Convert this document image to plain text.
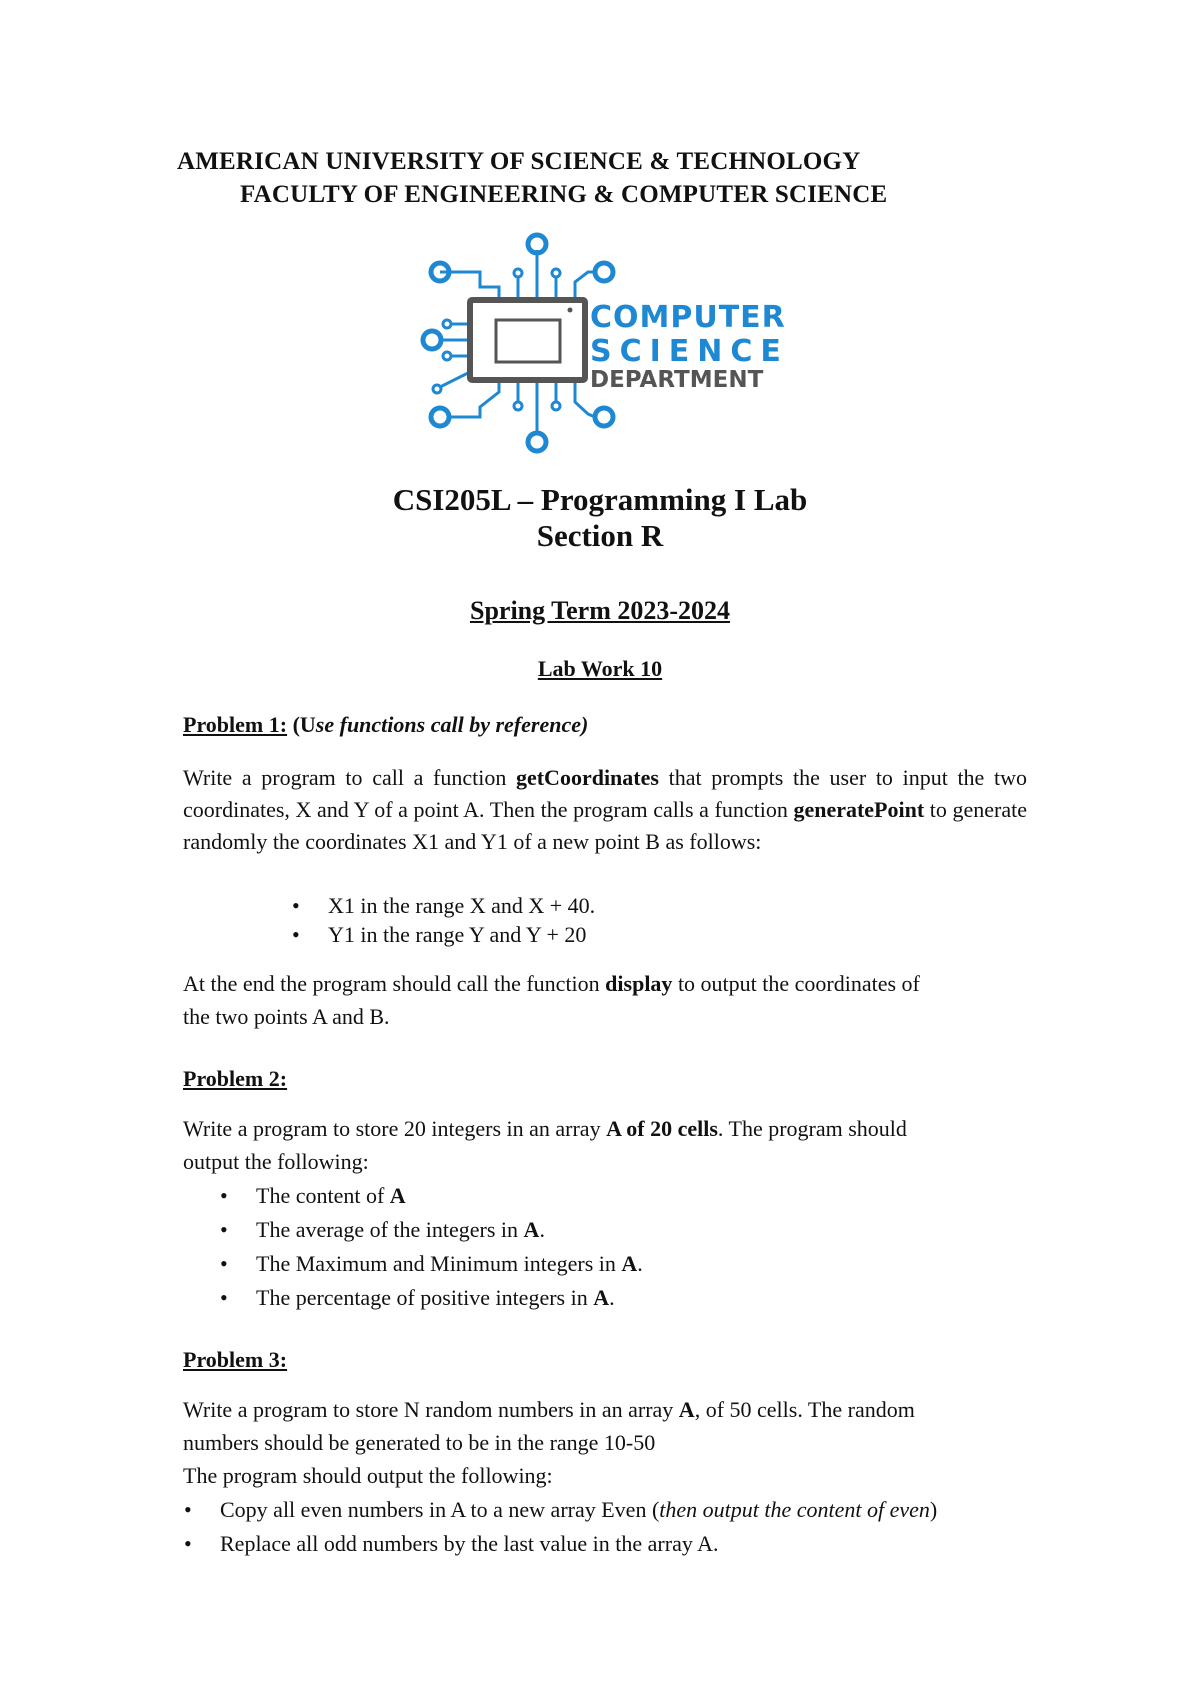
AMERICAN UNIVERSITY OF SCIENCE & TECHNOLOGY
FACULTY OF ENGINEERING & COMPUTER SCIENCE
COMPUTER
SCIENCE
DEPARTMENT
CSI205L – Programming I Lab
Section R
Spring Term 2023-2024
Lab Work 10
Problem 1: (Use functions call by reference)
Write a program to call a function getCoordinates that prompts the user to input the two coordinates, X and Y of a point A. Then the program calls a function generatePoint to generate randomly the coordinates X1 and Y1 of a new point B as follows:
• X1 in the range X and X + 40.
• Y1 in the range Y and Y + 20
At the end the program should call the function display to output the coordinates of
the two points A and B.
Problem 2:
Write a program to store 20 integers in an array A of 20 cells. The program should
output the following:
• The content of A
• The average of the integers in A.
• The Maximum and Minimum integers in A.
• The percentage of positive integers in A.
Problem 3:
Write a program to store N random numbers in an array A, of 50 cells. The random
numbers should be generated to be in the range 10-50
The program should output the following:
• Copy all even numbers in A to a new array Even (then output the content of even)
• Replace all odd numbers by the last value in the array A.
